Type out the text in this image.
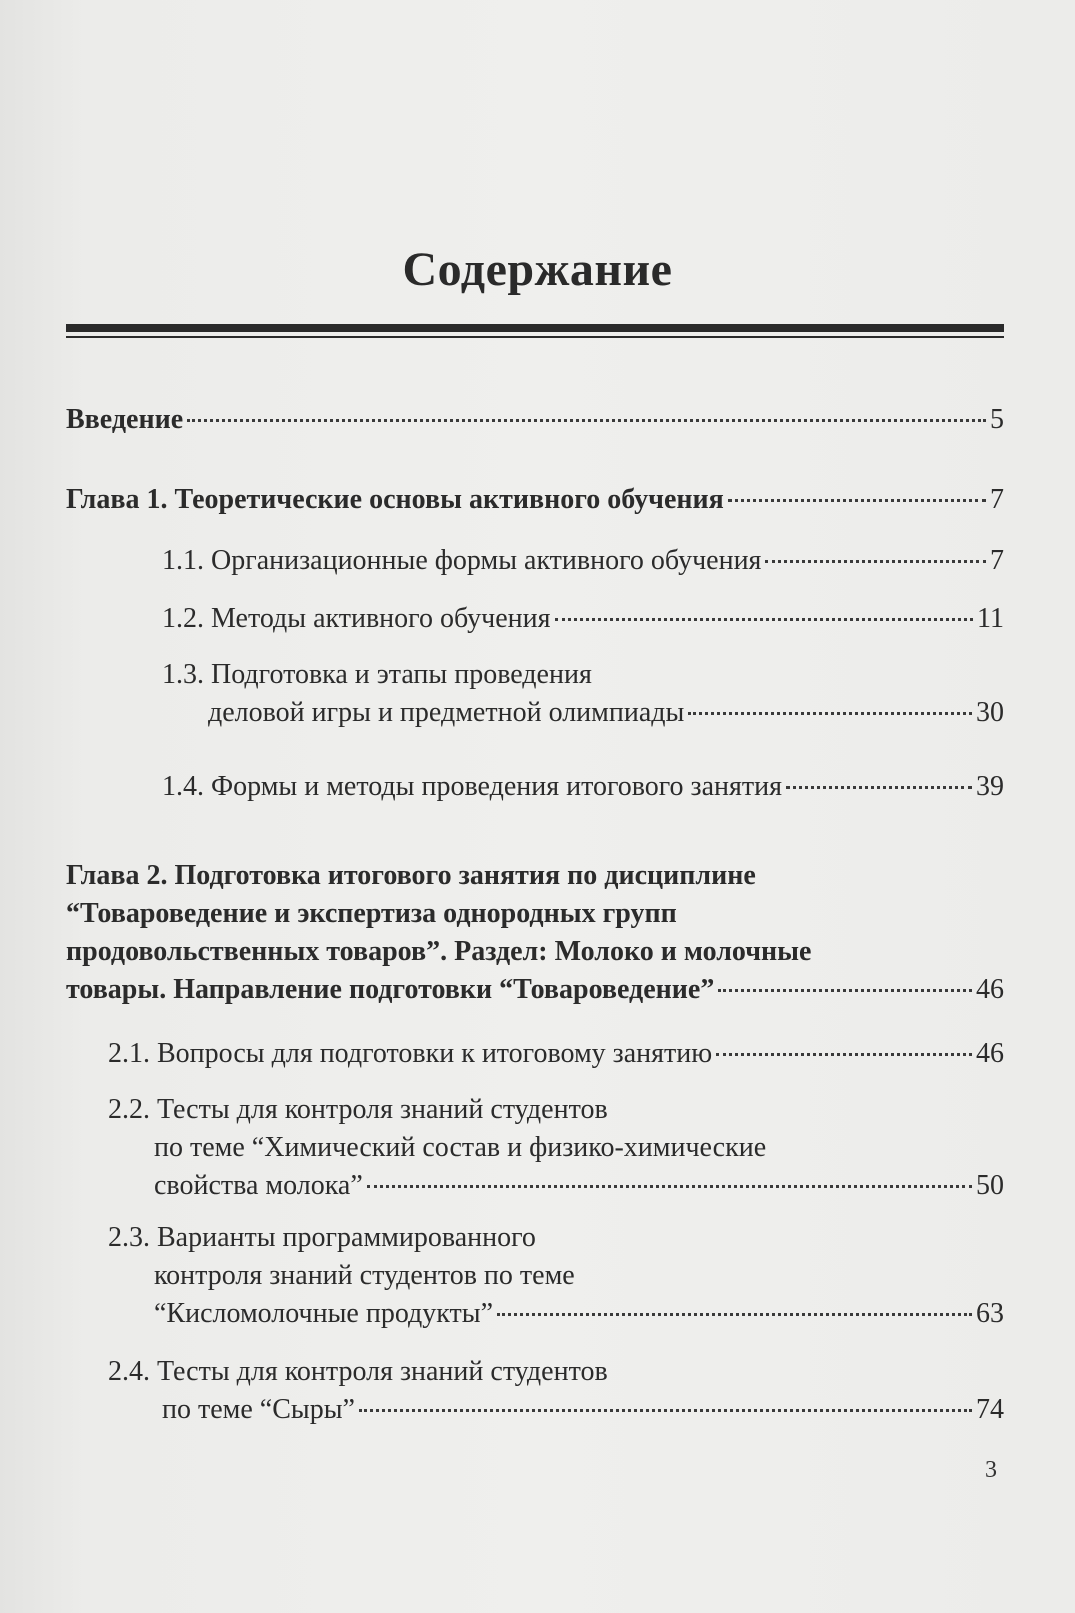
Содержание
Введение	5
Глава 1. Теоретические основы активного обучения	7
1.1. Организационные формы активного обучения	7
1.2. Методы активного обучения	11
1.3. Подготовка и этапы проведения
деловой игры и предметной олимпиады	30
1.4. Формы и методы проведения итогового занятия	39
Глава 2. Подготовка итогового занятия по дисциплине
“Товароведение и экспертиза однородных групп
продовольственных товаров”. Раздел: Молоко и молочные
товары. Направление подготовки “Товароведение”	46
2.1. Вопросы для подготовки к итоговому занятию	46
2.2. Тесты для контроля знаний студентов
по теме “Химический состав и физико-химические
свойства молока”	50
2.3. Варианты программированного
контроля знаний студентов по теме
“Кисломолочные продукты”	63
2.4. Тесты для контроля знаний студентов
по теме “Сыры”	74
3
